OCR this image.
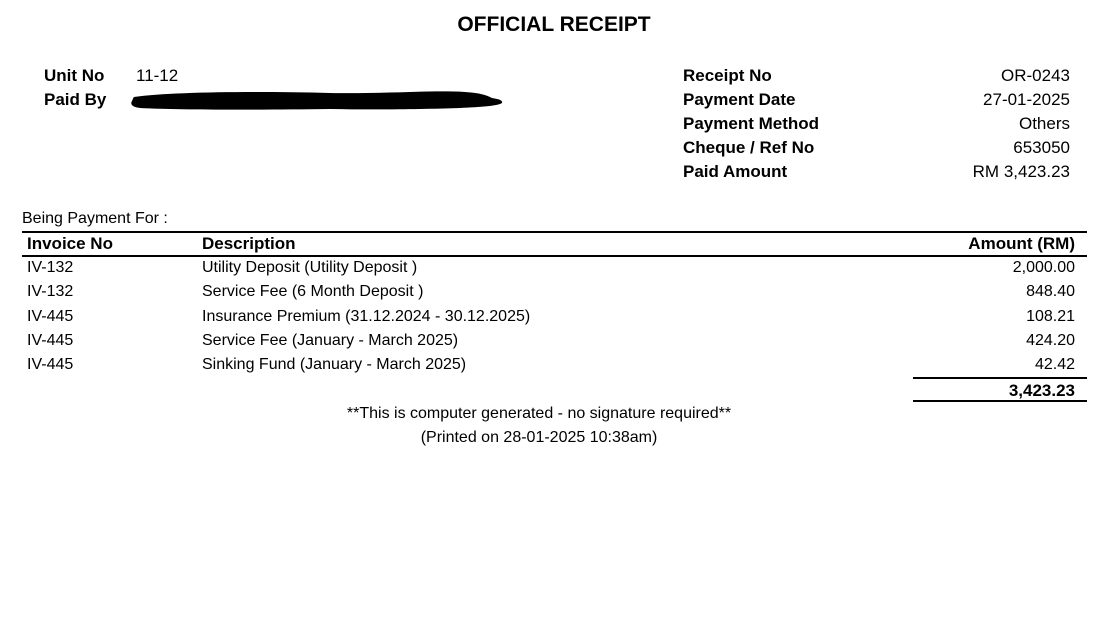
OFFICIAL RECEIPT
Unit No 11-12
Paid By
Receipt No	OR-0243
Payment Date	27-01-2025
Payment Method	Others
Cheque / Ref No	653050
Paid Amount	RM 3,423.23
Being Payment For :
Invoice No	Description	Amount (RM)
IV-132	Utility Deposit (Utility Deposit )	2,000.00
IV-132	Service Fee (6 Month Deposit )	848.40
IV-445	Insurance Premium (31.12.2024 - 30.12.2025)	108.21
IV-445	Service Fee (January - March 2025)	424.20
IV-445	Sinking Fund (January - March 2025)	42.42
3,423.23
**This is computer generated - no signature required**
(Printed on 28-01-2025 10:38am)
